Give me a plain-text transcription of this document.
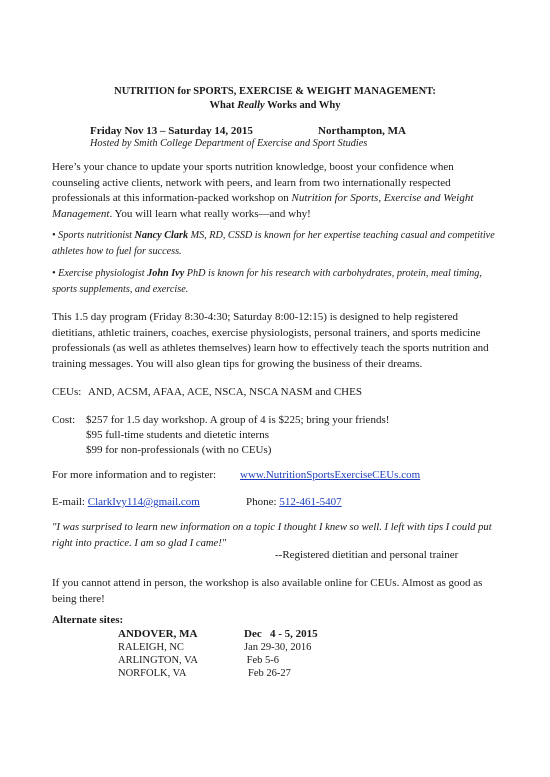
NUTRITION for SPORTS, EXERCISE & WEIGHT MANAGEMENT:
What Really Works and Why
Friday Nov 13 – Saturday 14, 2015	Northampton, MA
Hosted by Smith College Department of Exercise and Sport Studies
Here’s your chance to update your sports nutrition knowledge, boost your confidence when counseling active clients, network with peers, and learn from two internationally respected professionals at this information-packed workshop on Nutrition for Sports, Exercise and Weight Management. You will learn what really works—and why!
• Sports nutritionist Nancy Clark MS, RD, CSSD is known for her expertise teaching casual and competitive athletes how to fuel for success.
• Exercise physiologist John Ivy PhD is known for his research with carbohydrates, protein, meal timing, sports supplements, and exercise.
This 1.5 day program (Friday 8:30-4:30; Saturday 8:00-12:15) is designed to help registered dietitians, athletic trainers, coaches, exercise physiologists, personal trainers, and sports medicine professionals (as well as athletes themselves) learn how to effectively teach the sports nutrition and training messages. You will also glean tips for growing the business of their dreams.
CEUs: AND, ACSM, AFAA, ACE, NSCA, NSCA NASM and CHES
Cost: $257 for 1.5 day workshop. A group of 4 is $225; bring your friends!
$95 full-time students and dietetic interns
$99 for non-professionals (with no CEUs)
For more information and to register: www.NutritionSportsExerciseCEUs.com
E-mail: ClarkIvy114@gmail.com	Phone: 512-461-5407
"I was surprised to learn new information on a topic I thought I knew so well. I left with tips I could put right into practice. I am so glad I came!"
--Registered dietitian and personal trainer
If you cannot attend in person, the workshop is also available online for CEUs. Almost as good as being there!
Alternate sites:
ANDOVER, MA	Dec   4 - 5, 2015
RALEIGH, NC	Jan 29-30, 2016
ARLINGTON, VA	Feb 5-6
NORFOLK, VA	Feb 26-27
